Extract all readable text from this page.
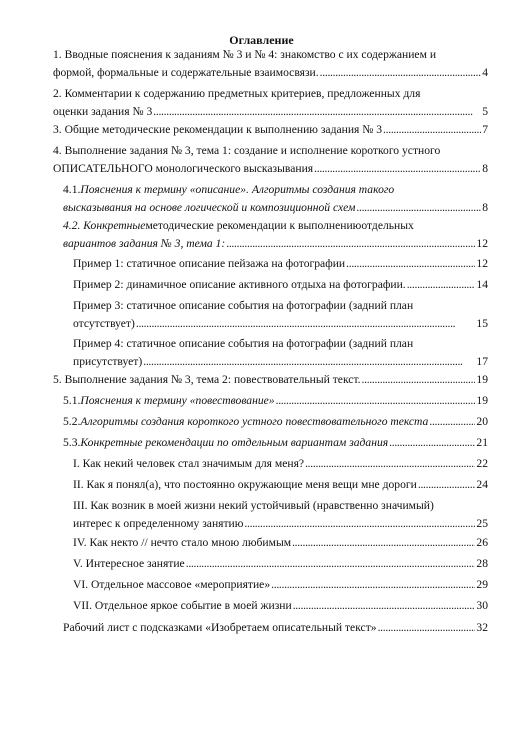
Оглавление
1. Вводные пояснения к заданиям № 3 и № 4: знакомство с их содержанием и
формой, формальные и содержательные взаимосвязи. . . .	4
2. Комментарии к содержанию предметных критериев, предложенных для
оценки задания № 3 . . .	5
3. Общие методические рекомендации к выполнению задания № 3 . . .	7
4. Выполнение задания № 3, тема 1: создание и исполнение короткого устного
ОПИСАТЕЛЬНОГО монологического высказывания . . .	8
4.1. Пояснения к термину «описание». Алгоритмы создания такого
высказывания на основе логической и композиционной схем . . .	8
4.2. Конкретные методические рекомендации к выполнению отдельных
вариантов задания № 3, тема 1: . . .	12
Пример 1: статичное описание пейзажа на фотографии . . .	12
Пример 2: динамичное описание активного отдыха на фотографии. . . .	14
Пример 3: статичное описание события на фотографии (задний план
отсутствует) . . .	15
Пример 4: статичное описание события на фотографии (задний план
присутствует) . . .	17
5. Выполнение задания № 3, тема 2: повествовательный текст. . . .	19
5.1. Пояснения к термину «повествование» . . .	19
5.2. Алгоритмы создания короткого устного повествовательного текста . . .	20
5.3. Конкретные рекомендации по отдельным вариантам задания . . .	21
I. Как некий человек стал значимым для меня? . . .	22
II. Как я понял(а), что постоянно окружающие меня вещи мне дороги . . .	24
III. Как возник в моей жизни некий устойчивый (нравственно значимый)
интерес к определенному занятию . . .	25
IV. Как некто // нечто стало мною любимым . . .	26
V. Интересное занятие . . .	28
VI. Отдельное массовое «мероприятие» . . .	29
VII. Отдельное яркое событие в моей жизни . . .	30
Рабочий лист с подсказками «Изобретаем описательный текст» . . .	32
